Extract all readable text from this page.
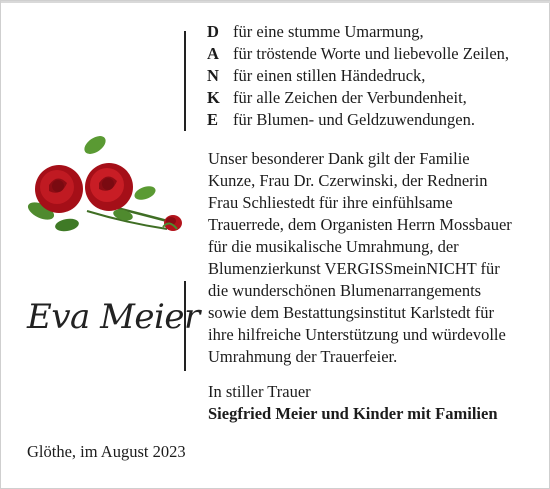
D für eine stumme Umarmung,
A für tröstende Worte und liebevolle Zeilen,
N für einen stillen Händedruck,
K für alle Zeichen der Verbundenheit,
E für Blumen- und Geldzuwendungen.
Unser besonderer Dank gilt der Familie
Kunze, Frau Dr. Czerwinski, der Rednerin
Frau Schliestedt für ihre einfühlsame
Trauerrede, dem Organisten Herrn Mossbauer
für die musikalische Umrahmung, der
Blumenzierkunst VERGISSmeinNICHT für
die wunderschönen Blumenarrangements
sowie dem Bestattungsinstitut Karlstedt für
ihre hilfreiche Unterstützung und würdevolle
Umrahmung der Trauerfeier.
In stiller Trauer
Siegfried Meier und Kinder mit Familien
Eva Meier
Glöthe, im August 2023
